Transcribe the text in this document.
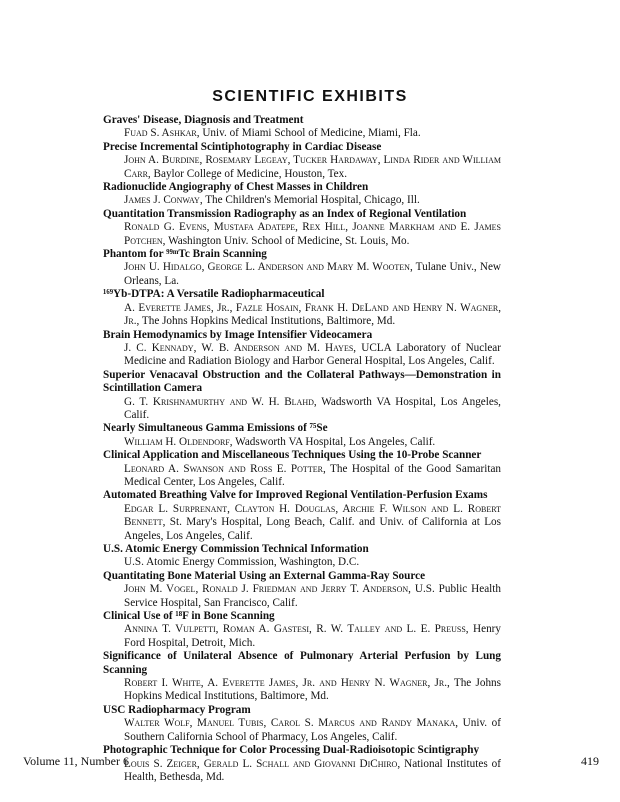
SCIENTIFIC EXHIBITS

Graves' Disease, Diagnosis and Treatment

Fuad S. Ashkar, Univ. of Miami School of Medicine, Miami, Fla.

Precise Incremental Scintiphotography in Cardiac Disease

John A. Burdine, Rosemary Legeay, Tucker Hardaway, Linda Rider and William Carr, Baylor College of Medicine, Houston, Tex.

Radionuclide Angiography of Chest Masses in Children

James J. Conway, The Children's Memorial Hospital, Chicago, Ill.

Quantitation Transmission Radiography as an Index of Regional Ventilation

Ronald G. Evens, Mustafa Adatepe, Rex Hill, Joanne Markham and E. James Potchen, Washington Univ. School of Medicine, St. Louis, Mo.

Phantom for ⁹⁹ᵐTc Brain Scanning

John U. Hidalgo, George L. Anderson and Mary M. Wooten, Tulane Univ., New Orleans, La.

¹⁶⁹Yb-DTPA: A Versatile Radiopharmaceutical

A. Everette James, Jr., Fazle Hosain, Frank H. DeLand and Henry N. Wagner, Jr., The Johns Hopkins Medical Institutions, Baltimore, Md.

Brain Hemodynamics by Image Intensifier Videocamera

J. C. Kennady, W. B. Anderson and M. Hayes, UCLA Laboratory of Nuclear Medicine and Radiation Biology and Harbor General Hospital, Los Angeles, Calif.

Superior Venacaval Obstruction and the Collateral Pathways—Demonstration in Scintillation Camera

G. T. Krishnamurthy and W. H. Blahd, Wadsworth VA Hospital, Los Angeles, Calif.

Nearly Simultaneous Gamma Emissions of ⁷⁵Se

William H. Oldendorf, Wadsworth VA Hospital, Los Angeles, Calif.

Clinical Application and Miscellaneous Techniques Using the 10-Probe Scanner

Leonard A. Swanson and Ross E. Potter, The Hospital of the Good Samaritan Medical Center, Los Angeles, Calif.

Automated Breathing Valve for Improved Regional Ventilation-Perfusion Exams

Edgar L. Surprenant, Clayton H. Douglas, Archie F. Wilson and L. Robert Bennett, St. Mary's Hospital, Long Beach, Calif. and Univ. of California at Los Angeles, Los Angeles, Calif.

U.S. Atomic Energy Commission Technical Information

U.S. Atomic Energy Commission, Washington, D.C.

Quantitating Bone Material Using an External Gamma-Ray Source

John M. Vogel, Ronald J. Friedman and Jerry T. Anderson, U.S. Public Health Service Hospital, San Francisco, Calif.

Clinical Use of ¹⁸F in Bone Scanning

Annina T. Vulpetti, Roman A. Gastesi, R. W. Talley and L. E. Preuss, Henry Ford Hospital, Detroit, Mich.

Significance of Unilateral Absence of Pulmonary Arterial Perfusion by Lung Scanning

Robert I. White, A. Everette James, Jr. and Henry N. Wagner, Jr., The Johns Hopkins Medical Institutions, Baltimore, Md.

USC Radiopharmacy Program

Walter Wolf, Manuel Tubis, Carol S. Marcus and Randy Manaka, Univ. of Southern California School of Pharmacy, Los Angeles, Calif.

Photographic Technique for Color Processing Dual-Radioisotopic Scintigraphy

Louis S. Zeiger, Gerald L. Schall and Giovanni DiChiro, National Institutes of Health, Bethesda, Md.

Volume 11, Number 6	419
